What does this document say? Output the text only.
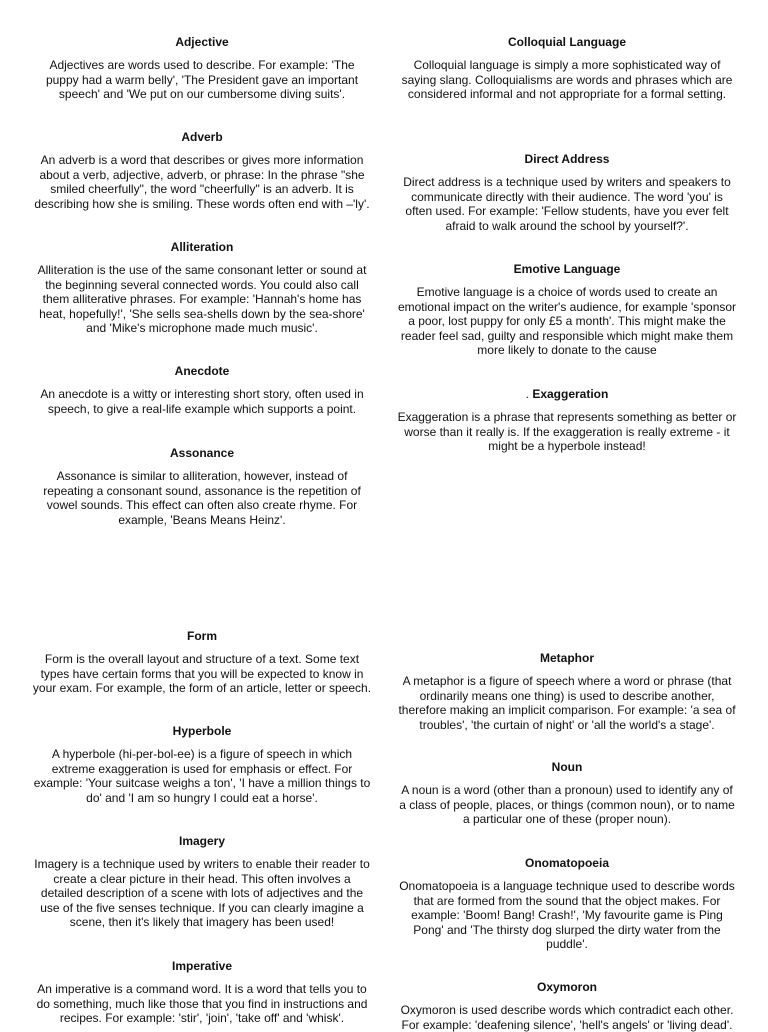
Adjective

Adjectives are words used to describe. For example: 'The puppy had a warm belly', 'The President gave an important speech' and 'We put on our cumbersome diving suits'.

Adverb

An adverb is a word that describes or gives more information about a verb, adjective, adverb, or phrase: In the phrase "she smiled cheerfully", the word "cheerfully" is an adverb. It is describing how she is smiling. These words often end with –'ly'.

Alliteration

Alliteration is the use of the same consonant letter or sound at the beginning several connected words. You could also call them alliterative phrases. For example: 'Hannah's home has heat, hopefully!', 'She sells sea-shells down by the sea-shore' and 'Mike's microphone made much music'.

Anecdote

An anecdote is a witty or interesting short story, often used in speech, to give a real-life example which supports a point.

Assonance

Assonance is similar to alliteration, however, instead of repeating a consonant sound, assonance is the repetition of vowel sounds. This effect can often also create rhyme. For example, 'Beans Means Heinz'.

Colloquial Language

Colloquial language is simply a more sophisticated way of saying slang. Colloquialisms are words and phrases which are considered informal and not appropriate for a formal setting.

Direct Address

Direct address is a technique used by writers and speakers to communicate directly with their audience. The word 'you' is often used. For example: 'Fellow students, have you ever felt afraid to walk around the school by yourself?'.

Emotive Language

Emotive language is a choice of words used to create an emotional impact on the writer's audience, for example 'sponsor a poor, lost puppy for only £5 a month'. This might make the reader feel sad, guilty and responsible which might make them more likely to donate to the cause

. Exaggeration

Exaggeration is a phrase that represents something as better or worse than it really is. If the exaggeration is really extreme - it might be a hyperbole instead!

Form

Form is the overall layout and structure of a text. Some text types have certain forms that you will be expected to know in your exam. For example, the form of an article, letter or speech.

Hyperbole

A hyperbole (hi-per-bol-ee) is a figure of speech in which extreme exaggeration is used for emphasis or effect. For example: 'Your suitcase weighs a ton', 'I have a million things to do' and 'I am so hungry I could eat a horse'.

Imagery

Imagery is a technique used by writers to enable their reader to create a clear picture in their head. This often involves a detailed description of a scene with lots of adjectives and the use of the five senses technique. If you can clearly imagine a scene, then it's likely that imagery has been used!

Imperative

An imperative is a command word. It is a word that tells you to do something, much like those that you find in instructions and recipes. For example: 'stir', 'join', 'take off' and 'whisk'.

Metaphor

A metaphor is a figure of speech where a word or phrase (that ordinarily means one thing) is used to describe another, therefore making an implicit comparison. For example: 'a sea of troubles', 'the curtain of night' or 'all the world's a stage'.

Noun

A noun is a word (other than a pronoun) used to identify any of a class of people, places, or things (common noun), or to name a particular one of these (proper noun).

Onomatopoeia

Onomatopoeia is a language technique used to describe words that are formed from the sound that the object makes. For example: 'Boom! Bang! Crash!', 'My favourite game is Ping Pong' and 'The thirsty dog slurped the dirty water from the puddle'.

Oxymoron

Oxymoron is used describe words which contradict each other. For example: 'deafening silence', 'hell's angels' or 'living dead'.
